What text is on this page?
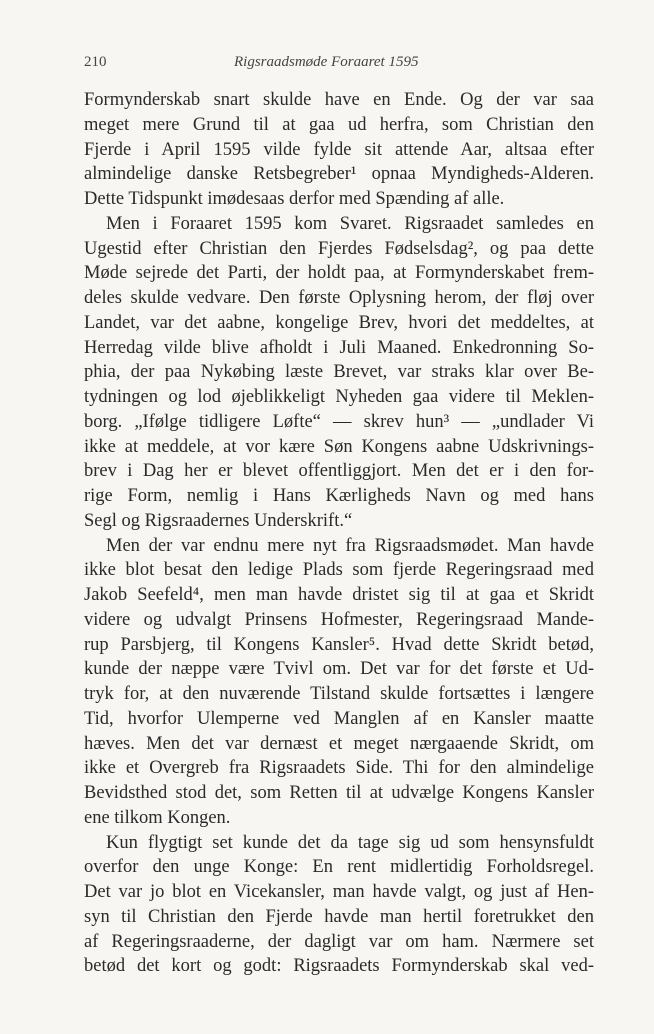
210	Rigsraadsmøde Foraaret 1595
Formynderskab snart skulde have en Ende. Og der var saa
meget mere Grund til at gaa ud herfra, som Christian den
Fjerde i April 1595 vilde fylde sit attende Aar, altsaa efter
almindelige danske Retsbegreber¹ opnaa Myndigheds-Alderen.
Dette Tidspunkt imødesaas derfor med Spænding af alle.
Men i Foraaret 1595 kom Svaret. Rigsraadet samledes en
Ugestid efter Christian den Fjerdes Fødselsdag², og paa dette
Møde sejrede det Parti, der holdt paa, at Formynderskabet frem-
deles skulde vedvare. Den første Oplysning herom, der fløj over
Landet, var det aabne, kongelige Brev, hvori det meddeltes, at
Herredag vilde blive afholdt i Juli Maaned. Enkedronning So-
phia, der paa Nykøbing læste Brevet, var straks klar over Be-
tydningen og lod øjeblikkeligt Nyheden gaa videre til Meklen-
borg. „Ifølge tidligere Løfte“ — skrev hun³ — „undlader Vi
ikke at meddele, at vor kære Søn Kongens aabne Udskrivnings-
brev i Dag her er blevet offentliggjort. Men det er i den for-
rige Form, nemlig i Hans Kærligheds Navn og med hans
Segl og Rigsraadernes Underskrift.“
Men der var endnu mere nyt fra Rigsraadsmødet. Man havde
ikke blot besat den ledige Plads som fjerde Regeringsraad med
Jakob Seefeld⁴, men man havde dristet sig til at gaa et Skridt
videre og udvalgt Prinsens Hofmester, Regeringsraad Mande-
rup Parsbjerg, til Kongens Kansler⁵. Hvad dette Skridt betød,
kunde der næppe være Tvivl om. Det var for det første et Ud-
tryk for, at den nuværende Tilstand skulde fortsættes i længere
Tid, hvorfor Ulemperne ved Manglen af en Kansler maatte
hæves. Men det var dernæst et meget nærgaaende Skridt, om
ikke et Overgreb fra Rigsraadets Side. Thi for den almindelige
Bevidsthed stod det, som Retten til at udvælge Kongens Kansler
ene tilkom Kongen.
Kun flygtigt set kunde det da tage sig ud som hensynsfuldt
overfor den unge Konge: En rent midlertidig Forholdsregel.
Det var jo blot en Vicekansler, man havde valgt, og just af Hen-
syn til Christian den Fjerde havde man hertil foretrukket den
af Regeringsraaderne, der dagligt var om ham. Nærmere set
betød det kort og godt: Rigsraadets Formynderskab skal ved-
